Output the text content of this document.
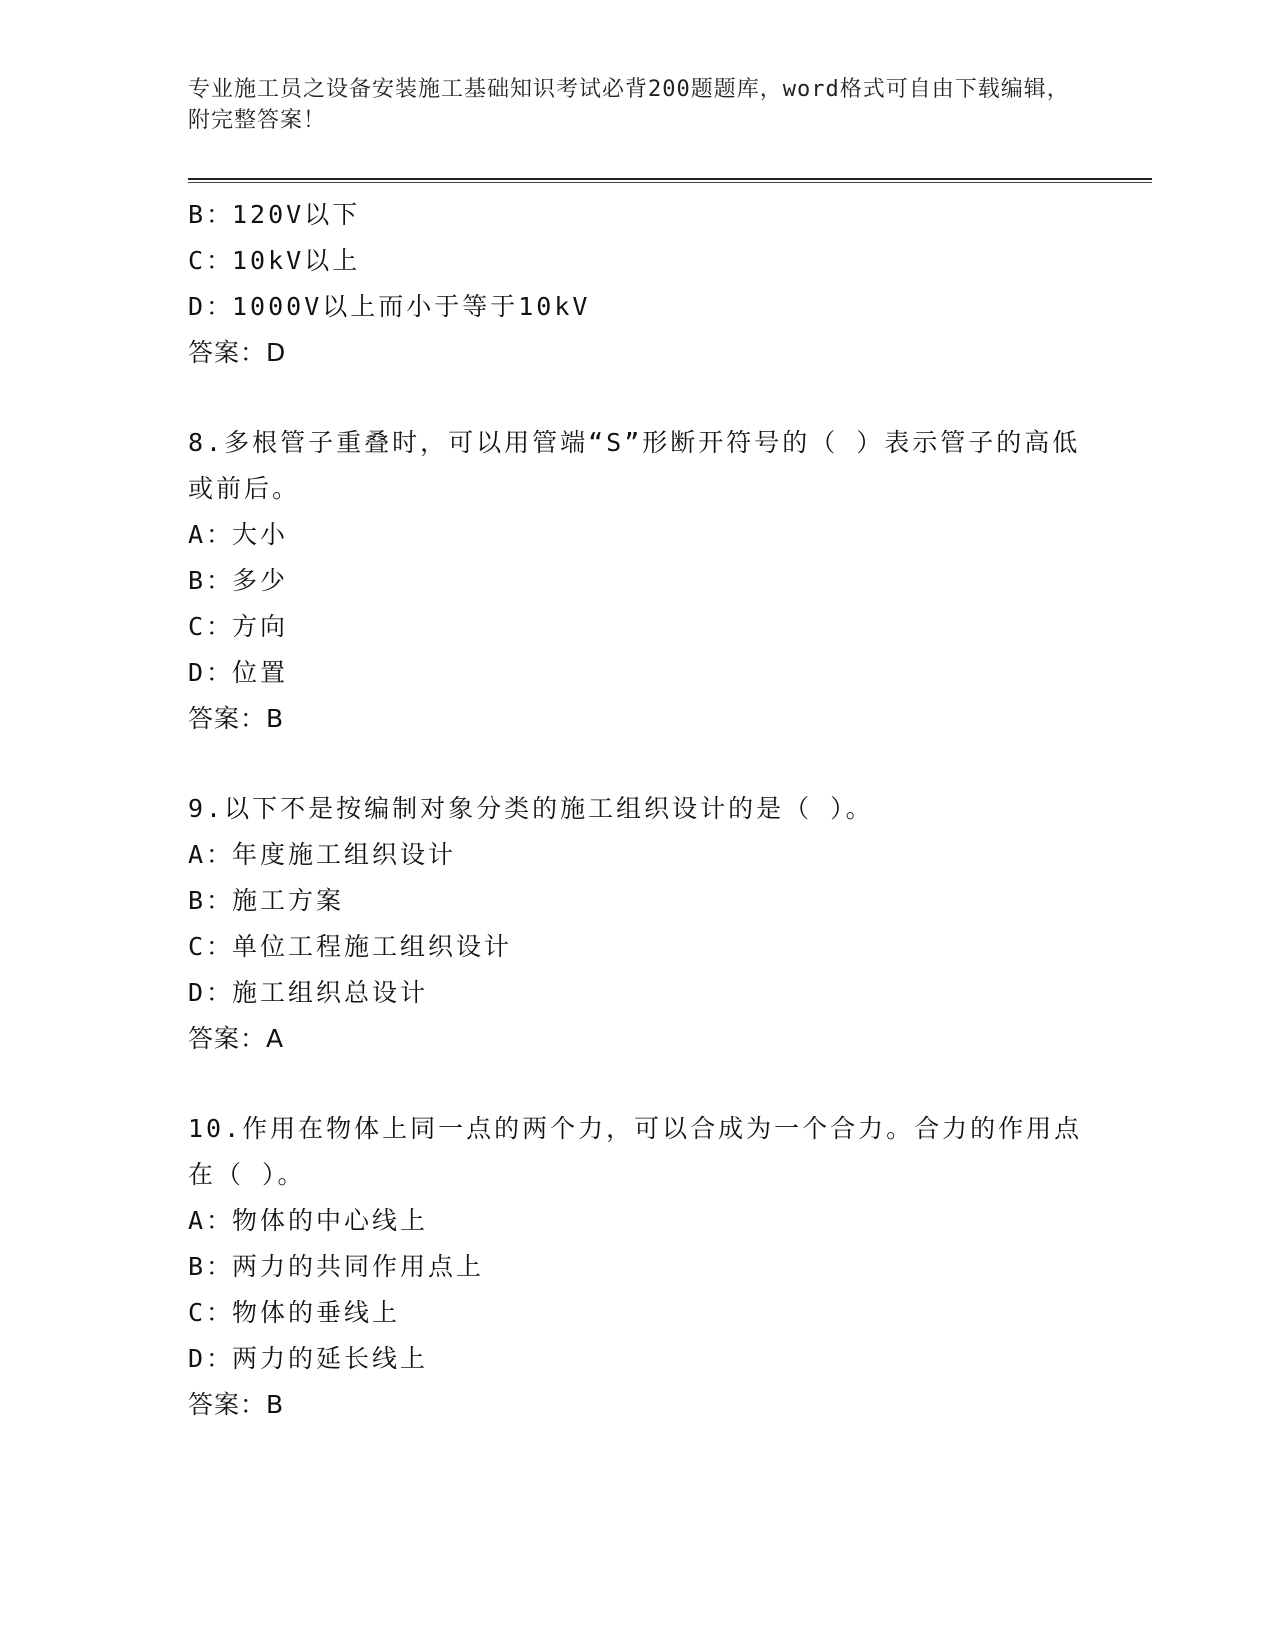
专业施工员之设备安装施工基础知识考试必背200题题库，word格式可自由下载编辑，附完整答案！
B：120V以下
C：10kV以上
D：1000V以上而小于等于10kV
答案：D
8.多根管子重叠时，可以用管端“S”形断开符号的（ ）表示管子的高低或前后。
A：大小
B：多少
C：方向
D：位置
答案：B
9.以下不是按编制对象分类的施工组织设计的是（ ）。
A：年度施工组织设计
B：施工方案
C：单位工程施工组织设计
D：施工组织总设计
答案：A
10.作用在物体上同一点的两个力，可以合成为一个合力。合力的作用点在（ ）。
A：物体的中心线上
B：两力的共同作用点上
C：物体的垂线上
D：两力的延长线上
答案：B
